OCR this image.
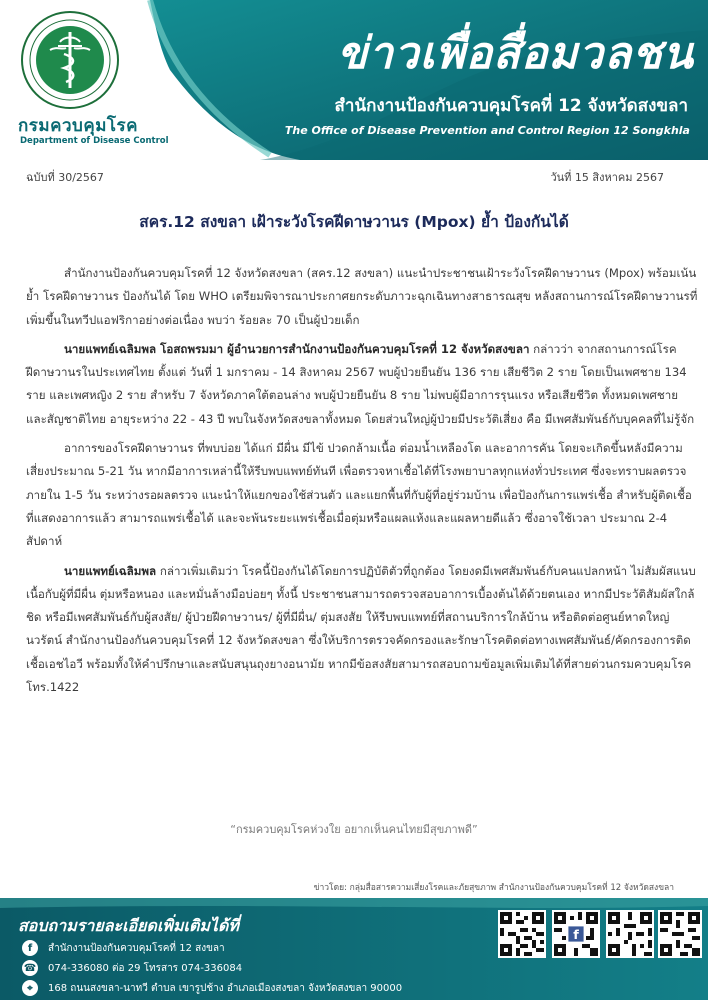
กรมควบคุมโรค
Department of Disease Control
ข่าวเพื่อสื่อมวลชน
สำนักงานป้องกันควบคุมโรคที่ 12 จังหวัดสงขลา
The Office of Disease Prevention and Control Region 12 Songkhla
ฉบับที่ 30/2567	วันที่ 15 สิงหาคม 2567
สคร.12 สงขลา เฝ้าระวังโรคฝีดาษวานร (Mpox) ย้ำ ป้องกันได้

สำนักงานป้องกันควบคุมโรคที่ 12 จังหวัดสงขลา (สคร.12 สงขลา) แนะนำประชาชนเฝ้าระวังโรคฝีดาษวานร (Mpox) พร้อมเน้นย้ำ โรคฝีดาษวานร ป้องกันได้ โดย WHO เตรียมพิจารณาประกาศยกระดับภาวะฉุกเฉินทางสาธารณสุข หลังสถานการณ์โรคฝีดาษวานรที่เพิ่มขึ้นในทวีปแอฟริกาอย่างต่อเนื่อง พบว่า ร้อยละ 70 เป็นผู้ป่วยเด็ก

นายแพทย์เฉลิมพล โอสถพรมมา ผู้อำนวยการสำนักงานป้องกันควบคุมโรคที่ 12 จังหวัดสงขลา กล่าวว่า จากสถานการณ์โรคฝีดาษวานรในประเทศไทย ตั้งแต่ วันที่ 1 มกราคม - 14 สิงหาคม 2567 พบผู้ป่วยยืนยัน 136 ราย เสียชีวิต 2 ราย โดยเป็นเพศชาย 134 ราย และเพศหญิง 2 ราย สำหรับ 7 จังหวัดภาคใต้ตอนล่าง พบผู้ป่วยยืนยัน 8 ราย ไม่พบผู้มีอาการรุนแรง หรือเสียชีวิต ทั้งหมดเพศชาย และสัญชาติไทย อายุระหว่าง 22 - 43 ปี พบในจังหวัดสงขลาทั้งหมด โดยส่วนใหญ่ผู้ป่วยมีประวัติเสี่ยง คือ มีเพศสัมพันธ์กับบุคคลที่ไม่รู้จัก

อาการของโรคฝีดาษวานร ที่พบบ่อย ได้แก่ มีผื่น มีไข้ ปวดกล้ามเนื้อ ต่อมน้ำเหลืองโต และอาการคัน โดยจะเกิดขึ้นหลังมีความเสี่ยงประมาณ 5-21 วัน หากมีอาการเหล่านี้ให้รีบพบแพทย์ทันที เพื่อตรวจหาเชื้อได้ที่โรงพยาบาลทุกแห่งทั่วประเทศ ซึ่งจะทราบผลตรวจภายใน 1-5 วัน ระหว่างรอผลตรวจ แนะนำให้แยกของใช้ส่วนตัว และแยกพื้นที่กับผู้ที่อยู่ร่วมบ้าน เพื่อป้องกันการแพร่เชื้อ สำหรับผู้ติดเชื้อที่แสดงอาการแล้ว สามารถแพร่เชื้อได้ และจะพ้นระยะแพร่เชื้อเมื่อตุ่มหรือแผลแห้งและแผลหายดีแล้ว ซึ่งอาจใช้เวลา ประมาณ 2-4 สัปดาห์

นายแพทย์เฉลิมพล กล่าวเพิ่มเติมว่า โรคนี้ป้องกันได้โดยการปฏิบัติตัวที่ถูกต้อง โดยงดมีเพศสัมพันธ์กับคนแปลกหน้า ไม่สัมผัสแนบเนื้อกับผู้ที่มีผื่น ตุ่มหรือหนอง และหมั่นล้างมือบ่อยๆ ทั้งนี้ ประชาชนสามารถตรวจสอบอาการเบื้องต้นได้ด้วยตนเอง หากมีประวัติสัมผัสใกล้ชิด หรือมีเพศสัมพันธ์กับผู้สงสัย/ ผู้ป่วยฝีดาษวานร/ ผู้ที่มีผื่น/ ตุ่มสงสัย ให้รีบพบแพทย์ที่สถานบริการใกล้บ้าน หรือติดต่อศูนย์หาดใหญ่นวรัตน์ สำนักงานป้องกันควบคุมโรคที่ 12 จังหวัดสงขลา ซึ่งให้บริการตรวจคัดกรองและรักษาโรคติดต่อทางเพศสัมพันธ์/คัดกรองการติดเชื้อเอชไอวี พร้อมทั้งให้คำปรึกษาและสนับสนุนถุงยางอนามัย หากมีข้อสงสัยสามารถสอบถามข้อมูลเพิ่มเติมได้ที่สายด่วนกรมควบคุมโรค โทร.1422

“กรมควบคุมโรคห่วงใย อยากเห็นคนไทยมีสุขภาพดี”
ข่าวโดย: กลุ่มสื่อสารความเสี่ยงโรคและภัยสุขภาพ สำนักงานป้องกันควบคุมโรคที่ 12 จังหวัดสงขลา
สอบถามรายละเอียดเพิ่มเติมได้ที่
f	สำนักงานป้องกันควบคุมโรคที่ 12 สงขลา
☎ 074-336080 ต่อ 29 โทรสาร 074-336084
⌖	168 ถนนสงขลา-นาทวี ตำบล เขารูปช้าง อำเภอเมืองสงขลา จังหวัดสงขลา 90000
f
